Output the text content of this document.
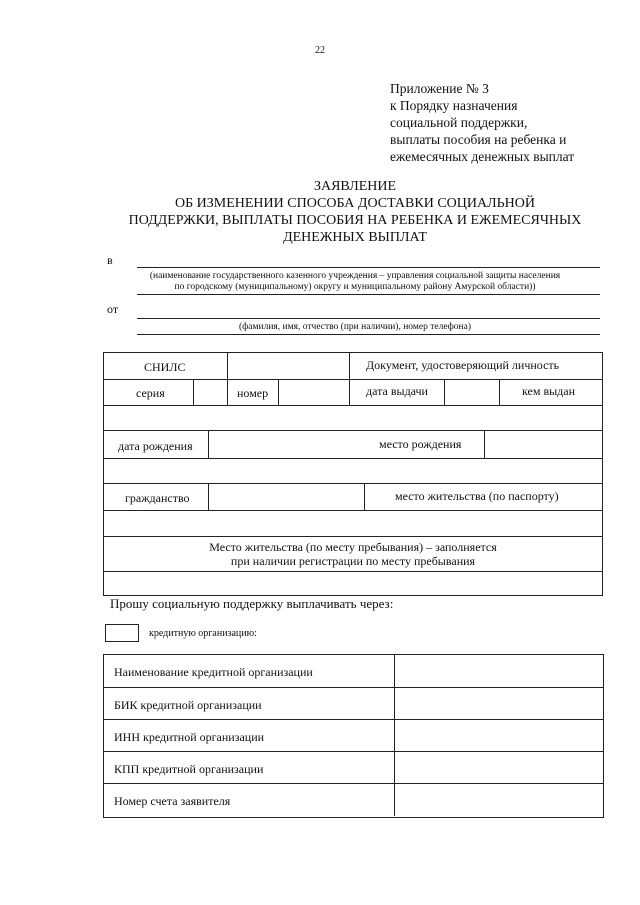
22
Приложение № 3
к Порядку назначения
социальной поддержки,
выплаты пособия на ребенка и
ежемесячных денежных выплат
ЗАЯВЛЕНИЕ
ОБ ИЗМЕНЕНИИ СПОСОБА ДОСТАВКИ СОЦИАЛЬНОЙ
ПОДДЕРЖКИ, ВЫПЛАТЫ ПОСОБИЯ НА РЕБЕНКА И ЕЖЕМЕСЯЧНЫХ
ДЕНЕЖНЫХ ВЫПЛАТ
в
(наименование государственного казенного учреждения – управления социальной защиты населения
по городскому (муниципальному) округу и муниципальному району Амурской области))
от
(фамилия, имя, отчество (при наличии), номер телефона)
СНИЛС	Документ, удостоверяющий личность
серия	номер	дата выдачи	кем выдан
дата рождения	место рождения
гражданство	место жительства (по паспорту)
Место жительства (по месту пребывания) – заполняется
при наличии регистрации по месту пребывания
Прошу социальную поддержку выплачивать через:
кредитную организацию:
Наименование кредитной организации
БИК кредитной организации
ИНН кредитной организации
КПП кредитной организации
Номер счета заявителя
